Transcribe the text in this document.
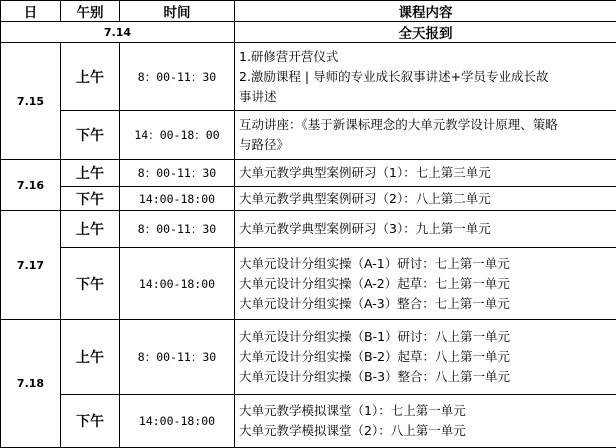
日	午别	时间	课程内容
7.14			全天报到
7.15	上午	8：00-11：30	1.研修营开营仪式
2.激励课程 | 导师的专业成长叙事讲述+学员专业成长故
事讲述

	下午	14：00-18：00	互动讲座：《基于新课标理念的大单元教学设计原理、策略
与路径》

7.16	上午	8：00-11：30	大单元教学典型案例研习（1）：七上第三单元

	下午	14:00-18:00	大单元教学典型案例研习（2）：八上第二单元

7.17	上午	8：00-11：30	大单元教学典型案例研习（3）：九上第一单元

	下午	14:00-18:00	大单元设计分组实操（A-1）研讨：七上第一单元
大单元设计分组实操（A-2）起草：七上第一单元
大单元设计分组实操（A-3）整合：七上第一单元

7.18	上午	8：00-11：30	大单元设计分组实操（B-1）研讨：八上第一单元
大单元设计分组实操（B-2）起草：八上第一单元
大单元设计分组实操（B-3）整合：八上第一单元

	下午	14:00-18:00	大单元教学模拟课堂（1）：七上第一单元
大单元教学模拟课堂（2）：八上第一单元
